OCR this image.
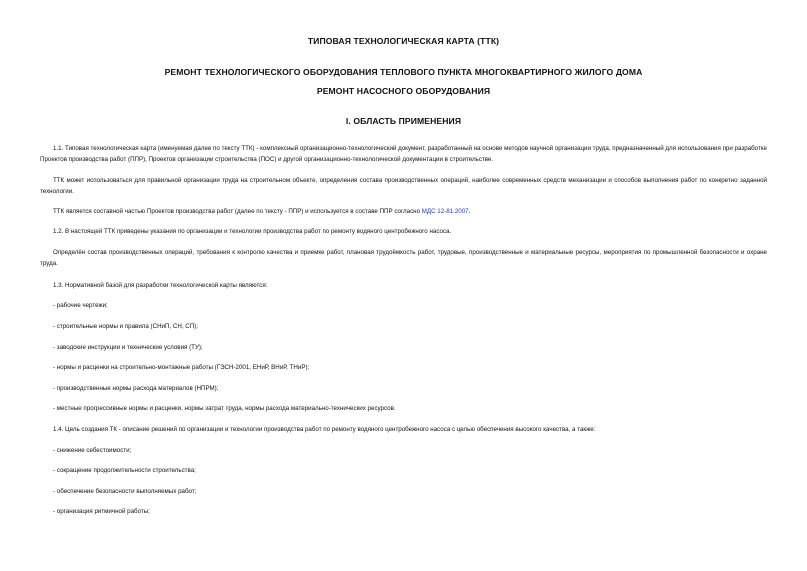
ТИПОВАЯ ТЕХНОЛОГИЧЕСКАЯ КАРТА (ТТК)
РЕМОНТ ТЕХНОЛОГИЧЕСКОГО ОБОРУДОВАНИЯ ТЕПЛОВОГО ПУНКТА МНОГОКВАРТИРНОГО ЖИЛОГО ДОМА
РЕМОНТ НАСОСНОГО ОБОРУДОВАНИЯ
I. ОБЛАСТЬ ПРИМЕНЕНИЯ
1.1. Типовая технологическая карта (именуемая далее по тексту ТТК) - комплексный организационно-технологический документ, разработанный на основе методов научной организации труда, предназначенный для использования при разработке Проектов производства работ (ППР), Проектов организации строительства (ПОС) и другой организационно-технологической документации в строительстве.
ТТК может использоваться для правильной организации труда на строительном объекте, определения состава производственных операций, наиболее современных средств механизации и способов выполнения работ по конкретно заданной технологии.
ТТК является составной частью Проектов производства работ (далее по тексту - ППР) и используется в составе ППР согласно МДС 12-81.2007.
1.2. В настоящей ТТК приведены указания по организации и технологии производства работ по ремонту водяного центробежного насоса.
Определён состав производственных операций, требования к контролю качества и приемке работ, плановая трудоёмкость работ, трудовые, производственные и материальные ресурсы, мероприятия по промышленной безопасности и охране труда.
1.3. Нормативной базой для разработки технологической карты являются:
- рабочие чертежи;
- строительные нормы и правила (СНиП, СН, СП);
- заводские инструкции и технические условия (ТУ);
- нормы и расценки на строительно-монтажные работы (ГЭСН-2001, ЕНиР, ВНиР, ТНиР);
- производственные нормы расхода материалов (НПРМ);
- местные прогрессивные нормы и расценки, нормы затрат труда, нормы расхода материально-технических ресурсов.
1.4. Цель создания ТК - описание решений по организации и технологии производства работ по ремонту водяного центробежного насоса с целью обеспечения высокого качества, а также:
- снижение себестоимости;
- сокращение продолжительности строительства;
- обеспечение безопасности выполняемых работ;
- организация ритмичной работы;
